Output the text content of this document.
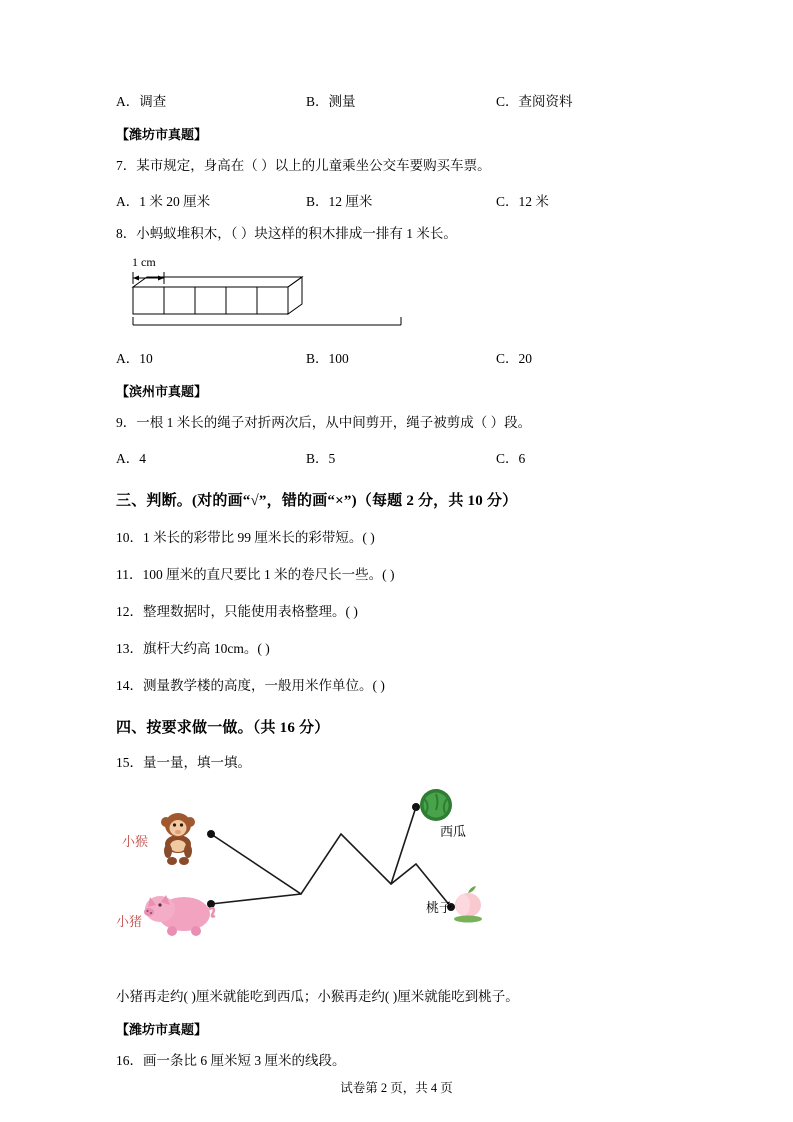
A．调查	B．测量	C．查阅资料
【潍坊市真题】
7．某市规定，身高在（ ）以上的儿童乘坐公交车要购买车票。
A．1 米 20 厘米	B．12 厘米	C．12 米
8．小蚂蚁堆积木，（ ）块这样的积木排成一排有 1 米长。
1 cm
A．10	B．100	C．20
【滨州市真题】
9．一根 1 米长的绳子对折两次后，从中间剪开，绳子被剪成（ ）段。
A．4	B．5	C．6
三、判断。(对的画“√”，错的画“×”)（每题 2 分，共 10 分）
10．1 米长的彩带比 99 厘米长的彩带短。( )
11．100 厘米的直尺要比 1 米的卷尺长一些。( )
12．整理数据时，只能使用表格整理。( )
13．旗杆大约高 10cm。( )
14．测量教学楼的高度，一般用米作单位。( )
四、按要求做一做。（共 16 分）
15．量一量，填一填。
小猴
小猪
西瓜
桃子
小猪再走约( )厘米就能吃到西瓜；小猴再走约( )厘米就能吃到桃子。
【潍坊市真题】
16．画一条比 6 厘米短 3 厘米的线段。
试卷第 2 页，共 4 页
